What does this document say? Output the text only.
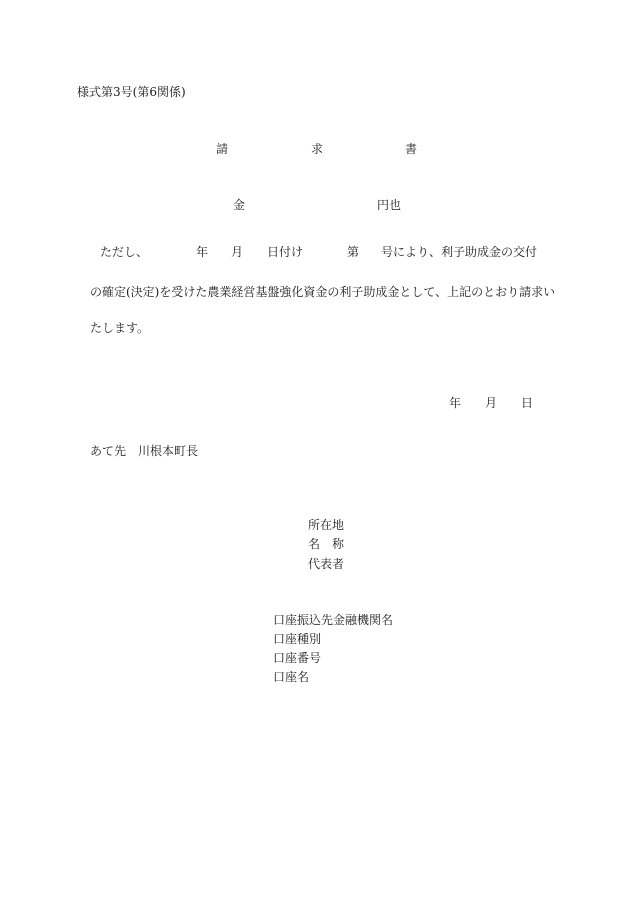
様式第3号(第6関係)
請	求	書
金	円也
ただし、	年 月 日付け	第 号により、利子助成金の交付
の確定(決定)を受けた農業経営基盤強化資金の利子助成金として、上記のとおり請求い
たします。
年 月 日
あて先　川根本町長
所在地
名　称
代表者
口座振込先金融機関名
口座種別
口座番号
口座名
